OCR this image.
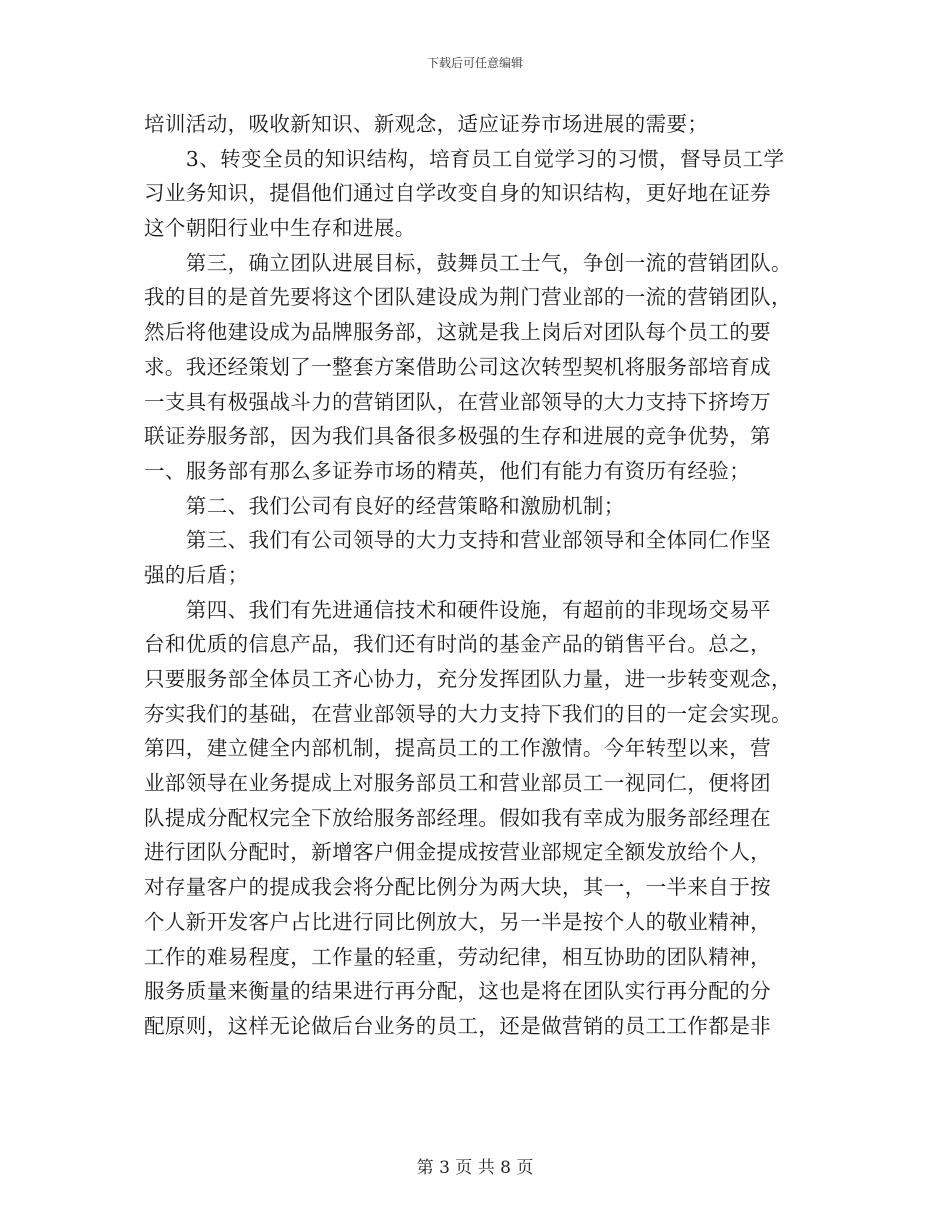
下载后可任意编辑
培训活动，吸收新知识、新观念，适应证券市场进展的需要；
　　3、转变全员的知识结构，培育员工自觉学习的习惯，督导员工学
习业务知识，提倡他们通过自学改变自身的知识结构，更好地在证券
这个朝阳行业中生存和进展。
　　第三，确立团队进展目标，鼓舞员工士气，争创一流的营销团队。
我的目的是首先要将这个团队建设成为荆门营业部的一流的营销团队，
然后将他建设成为品牌服务部，这就是我上岗后对团队每个员工的要
求。我还经策划了一整套方案借助公司这次转型契机将服务部培育成
一支具有极强战斗力的营销团队，在营业部领导的大力支持下挤垮万
联证券服务部，因为我们具备很多极强的生存和进展的竞争优势，第
一、服务部有那么多证券市场的精英，他们有能力有资历有经验；
　　第二、我们公司有良好的经营策略和激励机制；
　　第三、我们有公司领导的大力支持和营业部领导和全体同仁作坚
强的后盾；
　　第四、我们有先进通信技术和硬件设施，有超前的非现场交易平
台和优质的信息产品，我们还有时尚的基金产品的销售平台。总之，
只要服务部全体员工齐心协力，充分发挥团队力量，进一步转变观念，
夯实我们的基础，在营业部领导的大力支持下我们的目的一定会实现。
第四，建立健全内部机制，提高员工的工作激情。今年转型以来，营
业部领导在业务提成上对服务部员工和营业部员工一视同仁，便将团
队提成分配权完全下放给服务部经理。假如我有幸成为服务部经理在
进行团队分配时，新增客户佣金提成按营业部规定全额发放给个人，
对存量客户的提成我会将分配比例分为两大块，其一，一半来自于按
个人新开发客户占比进行同比例放大，另一半是按个人的敬业精神，
工作的难易程度，工作量的轻重，劳动纪律，相互协助的团队精神，
服务质量来衡量的结果进行再分配，这也是将在团队实行再分配的分
配原则，这样无论做后台业务的员工，还是做营销的员工工作都是非
第 3 页 共 8 页
